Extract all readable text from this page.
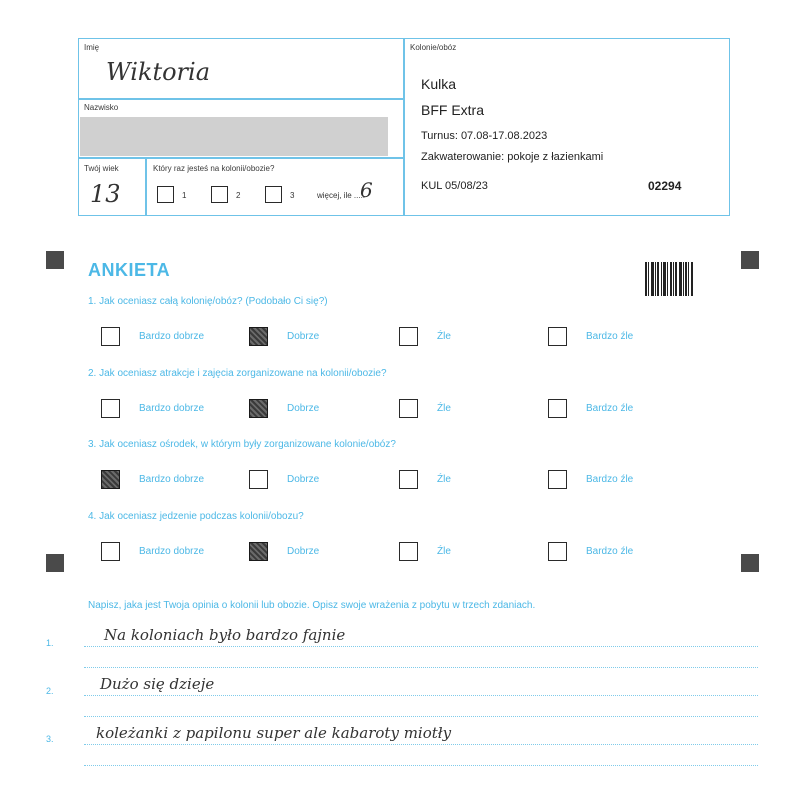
Imię
Wiktoria
Nazwisko
Twój wiek
13
Który raz jesteś na kolonii/obozie?
1	2	3	więcej, ile .....
6
Kolonie/obóz
Kulka
BFF Extra
Turnus: 07.08-17.08.2023
Zakwaterowanie: pokoje z łazienkami
KUL 05/08/23	02294
ANKIETA
1. Jak oceniasz całą kolonię/obóz? (Podobało Ci się?)
Bardzo dobrze	Dobrze	Źle	Bardzo źle
2. Jak oceniasz atrakcje i zajęcia zorganizowane na kolonii/obozie?
Bardzo dobrze	Dobrze	Źle	Bardzo źle
3. Jak oceniasz ośrodek, w którym były zorganizowane kolonie/obóz?
Bardzo dobrze	Dobrze	Źle	Bardzo źle
4. Jak oceniasz jedzenie podczas kolonii/obozu?
Bardzo dobrze	Dobrze	Źle	Bardzo źle
Napisz, jaka jest Twoja opinia o kolonii lub obozie. Opisz swoje wrażenia z pobytu w trzech zdaniach.
1.	Na koloniach było bardzo fajnie
2.	Dużo się dzieje
3.	koleżanki z papilonu super ale kabaroty miotły
